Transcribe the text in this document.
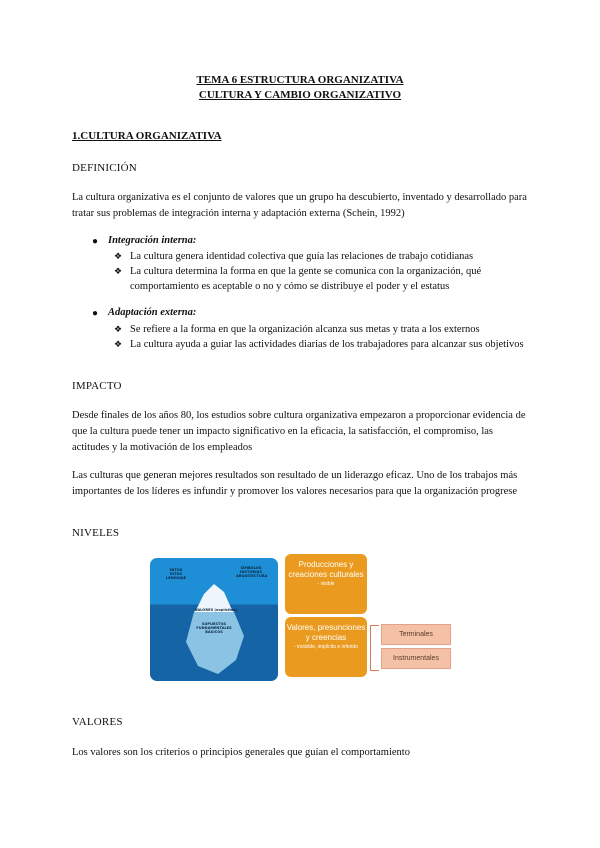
TEMA 6 ESTRUCTURA ORGANIZATIVA
CULTURA Y CAMBIO ORGANIZATIVO
1.CULTURA ORGANIZATIVA
DEFINICIÓN
La cultura organizativa es el conjunto de valores que un grupo ha descubierto, inventado y desarrollado para tratar sus problemas de integración interna y adaptación externa (Schein, 1992)
● Integración interna:
❖ La cultura genera identidad colectiva que guía las relaciones de trabajo cotidianas
❖ La cultura determina la forma en que la gente se comunica con la organización, qué comportamiento es aceptable o no y cómo se distribuye el poder y el estatus
● Adaptación externa:
❖ Se refiere a la forma en que la organización alcanza sus metas y trata a los externos
❖ La cultura ayuda a guiar las actividades diarias de los trabajadores para alcanzar sus objetivos
IMPACTO
Desde finales de los años 80, los estudios sobre cultura organizativa empezaron a proporcionar evidencia de que la cultura puede tener un impacto significativo en la eficacia, la satisfacción, el compromiso, las actitudes y la motivación de los empleados
Las culturas que generan mejores resultados son resultado de un liderazgo eficaz. Uno de los trabajos más importantes de los líderes es infundir y promover los valores necesarios para que la organización progrese
NIVELES
MITOS
RITOS
LENGUAJE
SÍMBOLOS
HISTORIAS
ARQUITECTURA
VALORES (explícitos)
SUPUESTOS
FUNDAMENTALES
BÁSICOS
Producciones y creaciones culturales
- visible
Valores, presunciones y creencias
- invisible, implícito e inferido
Terminales
Instrumentales
VALORES
Los valores son los criterios o principios generales que guían el comportamiento
